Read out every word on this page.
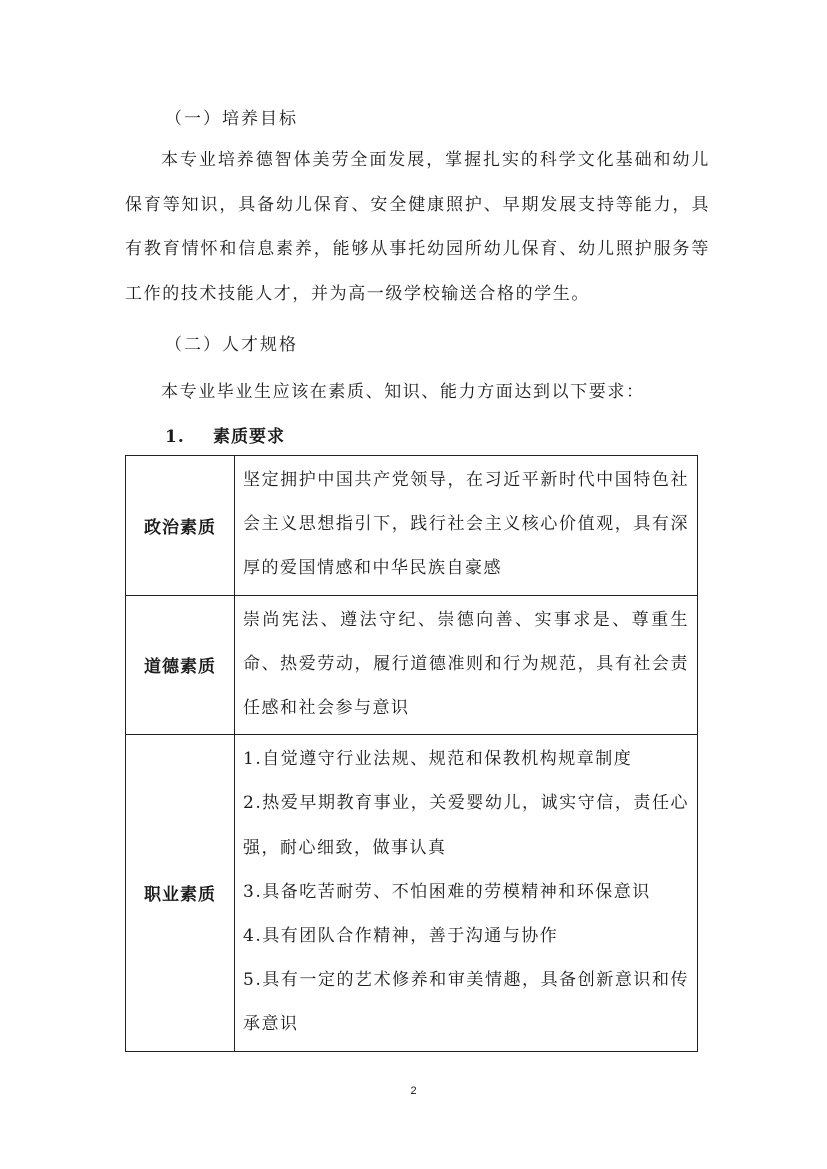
（一）培养目标
本专业培养德智体美劳全面发展，掌握扎实的科学文化基础和幼儿保育等知识，具备幼儿保育、安全健康照护、早期发展支持等能力，具有教育情怀和信息素养，能够从事托幼园所幼儿保育、幼儿照护服务等工作的技术技能人才，并为高一级学校输送合格的学生。
（二）人才规格
本专业毕业生应该在素质、知识、能力方面达到以下要求：
1. 素质要求
政治素质	坚定拥护中国共产党领导，在习近平新时代中国特色社会主义思想指引下，践行社会主义核心价值观，具有深厚的爱国情感和中华民族自豪感

道德素质	崇尚宪法、遵法守纪、崇德向善、实事求是、尊重生命、热爱劳动，履行道德准则和行为规范，具有社会责任感和社会参与意识

职业素质	1.自觉遵守行业法规、规范和保教机构规章制度
2.热爱早期教育事业，关爱婴幼儿，诚实守信，责任心强，耐心细致，做事认真
3.具备吃苦耐劳、不怕困难的劳模精神和环保意识
4.具有团队合作精神，善于沟通与协作
5.具有一定的艺术修养和审美情趣，具备创新意识和传承意识
2
